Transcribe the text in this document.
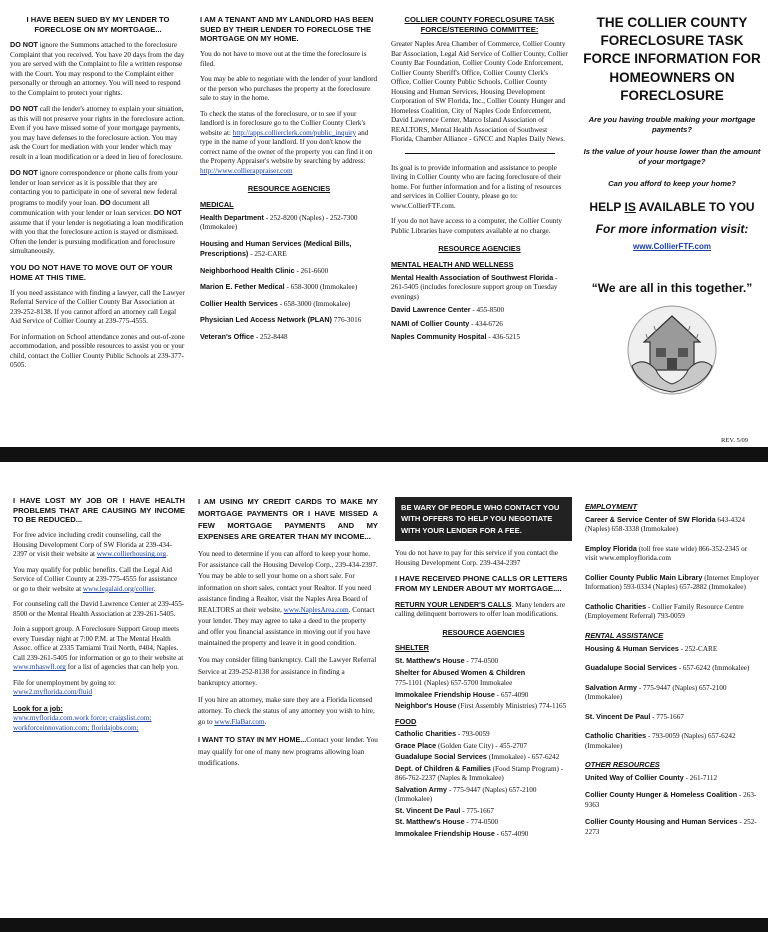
I HAVE BEEN SUED BY MY LENDER TO FORECLOSE ON MY MORTGAGE...

DO NOT ignore the Summons attached to the foreclosure Complaint that you received. You have 20 days from the day you are served with the Complaint to file a written response with the Court. You may respond to the Complaint either personally or through an attorney. You will need to respond to the Complaint to protect your rights.

DO NOT call the lender's attorney to explain your situation, as this will not preserve your rights in the foreclosure action. Even if you have missed some of your mortgage payments, you may have defenses to the foreclosure action. You may ask the Court for mediation with your lender which may result in a loan modification or a deed in lieu of foreclosure.

DO NOT ignore correspondence or phone calls from your lender or loan servicer as it is possible that they are contacting you to participate in one of several new federal programs to modify your loan. DO document all communication with your lender or loan servicer. DO NOT assume that if your lender is negotiating a loan modification with you that the foreclosure action is stayed or dismissed. Often the lender is pursuing modification and foreclosure simultaneously.

YOU DO NOT HAVE TO MOVE OUT OF YOUR HOME AT THIS TIME.

If you need assistance with finding a lawyer, call the Lawyer Referral Service of the Collier County Bar Association at 239-252-8138. If you cannot afford an attorney call Legal Aid Service of Collier County at 239-775-4555.

For information on School attendance zones and out-of-zone accommodation, and possible resources to assist you or your child, contact the Collier County Public Schools at 239-377-0505.

I AM A TENANT AND MY LANDLORD HAS BEEN SUED BY THEIR LENDER TO FORECLOSE THE MORTGAGE ON MY HOME.

You do not have to move out at the time the foreclosure is filed.

You may be able to negotiate with the lender of your landlord or the person who purchases the property at the foreclosure sale to stay in the home.

To check the status of the foreclosure, or to see if your landlord is in foreclosure go to the Collier County Clerk's website at: http://apps.collierclerk.com/public_inquiry and type in the name of your landlord. If you don't know the correct name of the owner of the property you can find it on the Property Appraiser's website by searching by address:
http://www.collierappraiser.com

RESOURCE AGENCIES
MEDICAL
Health Department - 252-8200 (Naples) - 252-7300 (Immokalee)
Housing and Human Services (Medical Bills, Prescriptions) - 252-CARE
Neighborhood Health Clinic - 261-6600
Marion E. Fether Medical - 658-3000 (Immokalee)
Collier Health Services - 658-3000 (Immokalee)
Physician Led Access Network (PLAN) 776-3016
Veteran's Office - 252-8448
COLLIER COUNTY FORECLOSURE TASK FORCE/STEERING COMMITTEE:

Greater Naples Area Chamber of Commerce, Collier County Bar Association, Legal Aid Service of Collier County, Collier County Bar Foundation, Collier County Code Enforcement, Collier County Sheriff's Office, Collier County Clerk's Office, Collier County Public Schools, Collier County Housing and Human Services, Housing Development Corporation of SW Florida, Inc., Collier County Hunger and Homeless Coalition, City of Naples Code Enforcement, David Lawrence Center, Marco Island Association of REALTORS, Mental Health Association of Southwest Florida, Chamber Alliance - GNCC and Naples Daily News.

Its goal is to provide information and assistance to people living in Collier County who are facing foreclosure of their home. For further information and for a listing of resources and services in Collier County, please go to: www.CollierFTF.com.

If you do not have access to a computer, the Collier County Public Libraries have computers available at no charge.

RESOURCE AGENCIES
MENTAL HEALTH AND WELLNESS
Mental Health Association of Southwest Florida - 261-5405 (includes foreclosure support group on Tuesday evenings)
David Lawrence Center - 455-8500
NAMI of Collier County - 434-6726
Naples Community Hospital - 436-5215
THE COLLIER COUNTY FORECLOSURE TASK FORCE INFORMATION FOR HOMEOWNERS ON FORECLOSURE
Are you having trouble making your mortgage payments?
Is the value of your house lower than the amount of your mortgage?
Can you afford to keep your home?
HELP IS AVAILABLE TO YOU
For more information visit:
www.CollierFTF.com
“We are all in this together.”
REV. 5/09
I HAVE LOST MY JOB OR I HAVE HEALTH PROBLEMS THAT ARE CAUSING MY INCOME TO BE REDUCED...

For free advice including credit counseling, call the Housing Development Corp of SW Florida at 239-434-2397 or visit their website at www.collierhousing.org.

You may qualify for public benefits. Call the Legal Aid Service of Collier County at 239-775-4555 for assistance or go to their website at www.legalaid.org/collier.

For counseling call the David Lawrence Center at 239-455-8500 or the Mental Health Association at 239-261-5405.

Join a support group. A Foreclosure Support Group meets every Tuesday night at 7:00 P.M. at The Mental Health Assoc. office at 2335 Tamiami Trail North, #404, Naples. Call 239-261-5405 for information or go to their website at www.mhaswfl.org for a list of agencies that can help you.

File for unemployment by going to:
www2.myflorida.com/fluid

Look for a job:
www.myflorida.com.work force; craigslist.com; workforceinnovation.com; floridajobs.com;

I AM USING MY CREDIT CARDS TO MAKE MY MORTGAGE PAYMENTS OR I HAVE MISSED A FEW MORTGAGE PAYMENTS AND MY EXPENSES ARE GREATER THAN MY INCOME...

You need to determine if you can afford to keep your home. For assistance call the Housing Develop Corp., 239-434-2397. You may be able to sell your home on a short sale. For information on short sales, contact your Realtor. If you need assistance finding a Realtor, visit the Naples Area Board of REALTORS at their website, www.NaplesArea.com. Contact your lender. They may agree to take a deed to the property and offer you financial assistance in moving out if you have maintained the property and leave it in good condition.

You may consider filing bankruptcy. Call the Lawyer Referral Service at 239-252-8138 for assistance in finding a bankruptcy attorney.

If you hire an attorney, make sure they are a Florida licensed attorney. To check the status of any attorney you wish to hire, go to www.FlaBar.com.

I WANT TO STAY IN MY HOME...Contact your lender. You may qualify for one of many new programs allowing loan modifications.

BE WARY OF PEOPLE WHO CONTACT YOU WITH OFFERS TO HELP YOU NEGOTIATE WITH YOUR LENDER FOR A FEE.

You do not have to pay for this service if you contact the Housing Development Corp. 239-434-2397

I HAVE RECEIVED PHONE CALLS OR LETTERS FROM MY LENDER ABOUT MY MORTGAGE....

RETURN YOUR LENDER'S CALLS. Many lenders are calling delinquent borrowers to offer loan modifications.

RESOURCE AGENCIES
SHELTER
St. Matthew's House - 774-0500
Shelter for Abused Women & Children
775-1101 (Naples) 657-5700 Immokalee
Immokalee Friendship House - 657-4090
Neighbor's House (First Assembly Ministries) 774-1165
FOOD
Catholic Charities - 793-0059
Grace Place (Golden Gate City) - 455-2707
Guadalupe Social Services (Immokalee) - 657-6242
Dept. of Children & Families (Food Stamp Program) - 866-762-2237 (Naples & Immokalee)
Salvation Army - 775-9447 (Naples) 657-2100 (Immokalee)
St. Vincent De Paul - 775-1667
St. Matthew's House - 774-0500
Immokalee Friendship House - 657-4090
EMPLOYMENT
Career & Service Center of SW Florida 643-4324 (Naples) 658-3338 (Immokalee)
Employ Florida (toll free state wide) 866-352-2345 or visit www.employflorida.com
Collier County Public Main Library (Internet Employer Information) 593-0334 (Naples) 657-2882 (Immokalee)
Catholic Charities - Collier Family Resource Centre (Employement Referral) 793-0059
RENTAL ASSISTANCE
Housing & Human Services - 252-CARE
Guadalupe Social Services - 657-6242 (Immokalee)
Salvation Army - 775-9447 (Naples) 657-2100 (Immokalee)
St. Vincent De Paul - 775-1667
Catholic Charities - 793-0059 (Naples) 657-6242 (Immokalee)
OTHER RESOURCES
United Way of Collier County - 261-7112
Collier County Hunger & Homeless Coalition - 263-9363
Collier County Housing and Human Services - 252-2273
